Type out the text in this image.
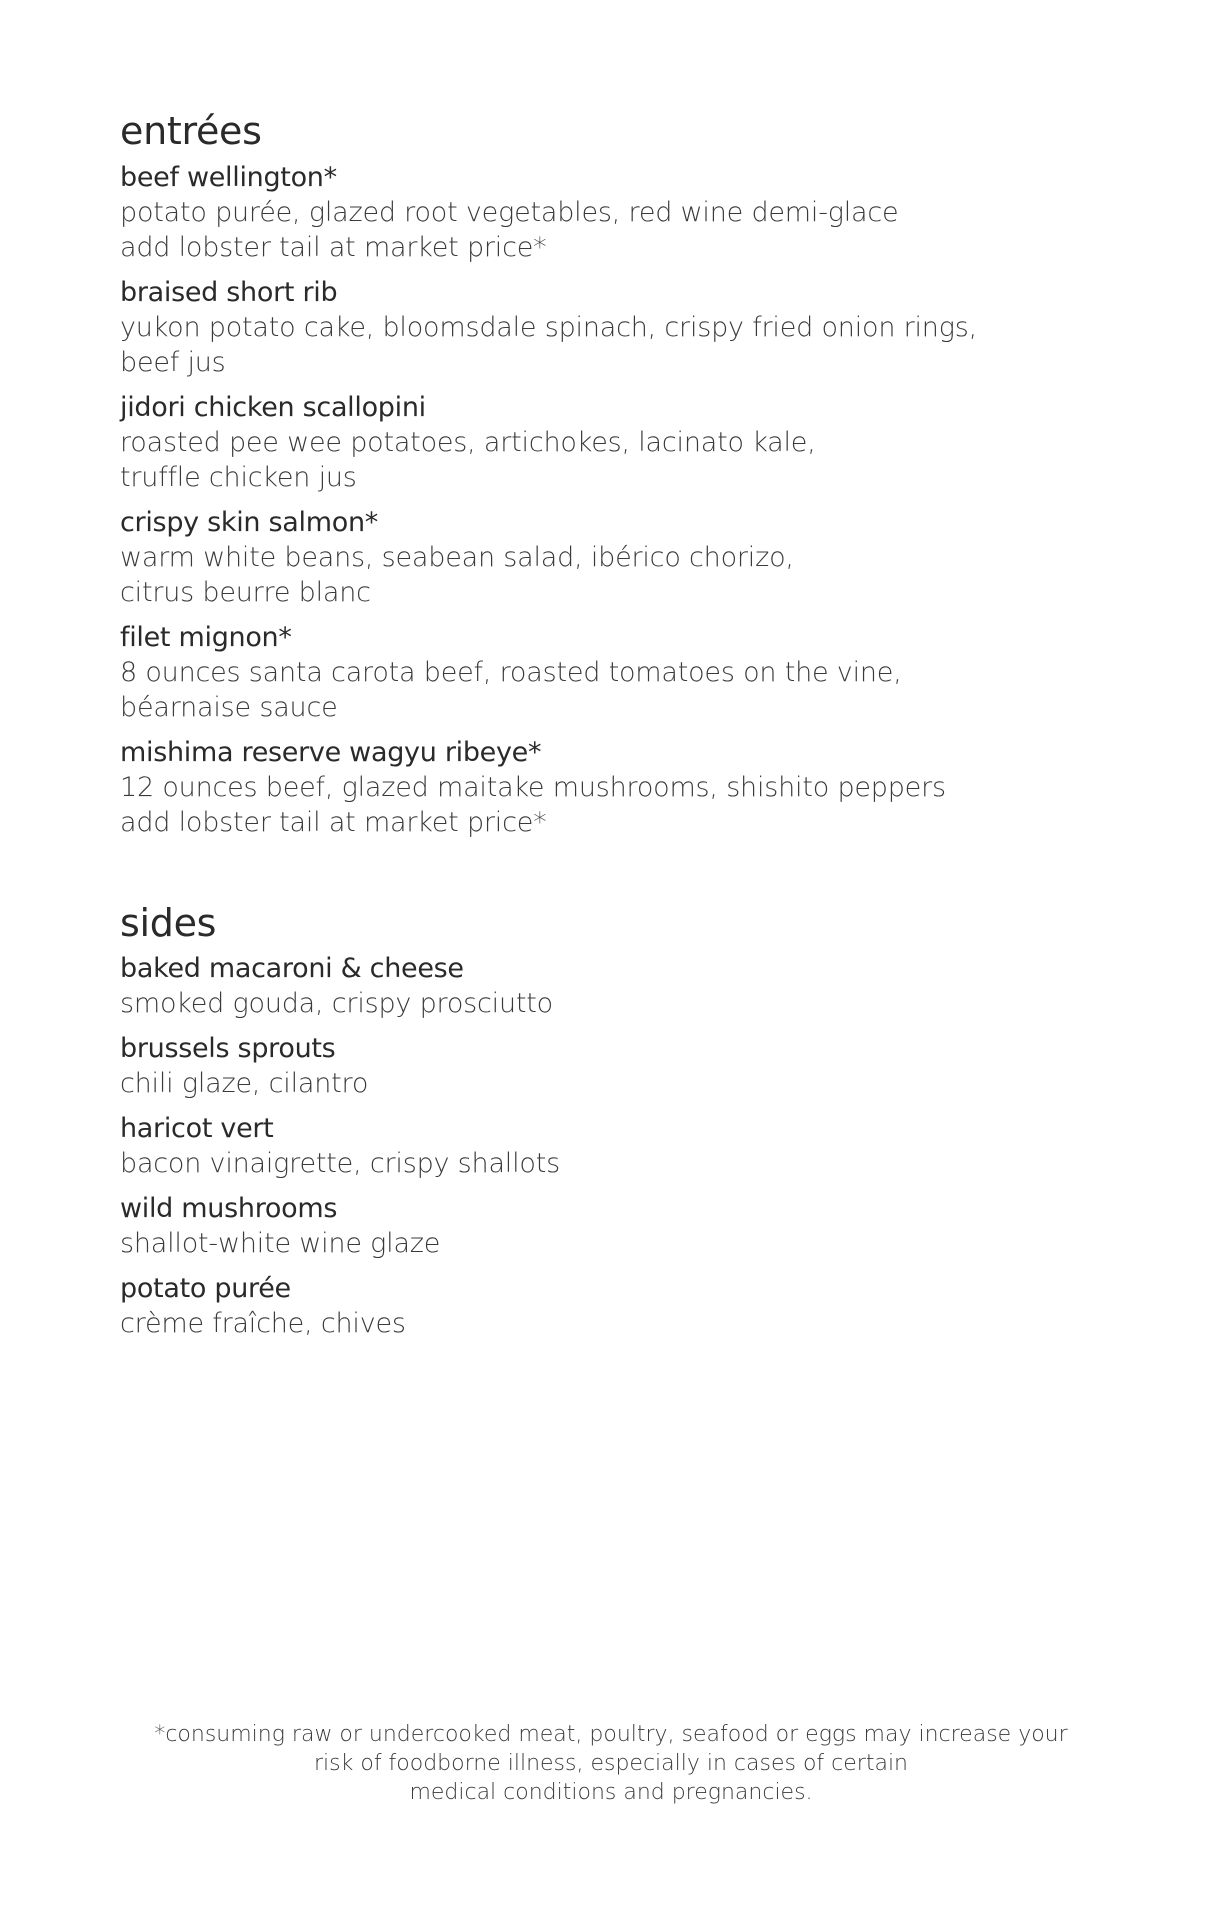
entrées
beef wellington*
potato purée, glazed root vegetables, red wine demi-glace
add lobster tail at market price*
braised short rib
yukon potato cake, bloomsdale spinach, crispy fried onion rings,
beef jus
jidori chicken scallopini
roasted pee wee potatoes, artichokes, lacinato kale,
truffle chicken jus
crispy skin salmon*
warm white beans, seabean salad, ibérico chorizo,
citrus beurre blanc
filet mignon*
8 ounces santa carota beef, roasted tomatoes on the vine,
béarnaise sauce
mishima reserve wagyu ribeye*
12 ounces beef, glazed maitake mushrooms, shishito peppers
add lobster tail at market price*
sides
baked macaroni & cheese
smoked gouda, crispy prosciutto
brussels sprouts
chili glaze, cilantro
haricot vert
bacon vinaigrette, crispy shallots
wild mushrooms
shallot-white wine glaze
potato purée
crème fraîche, chives
*consuming raw or undercooked meat, poultry, seafood or eggs may increase your
risk of foodborne illness, especially in cases of certain
medical conditions and pregnancies.
